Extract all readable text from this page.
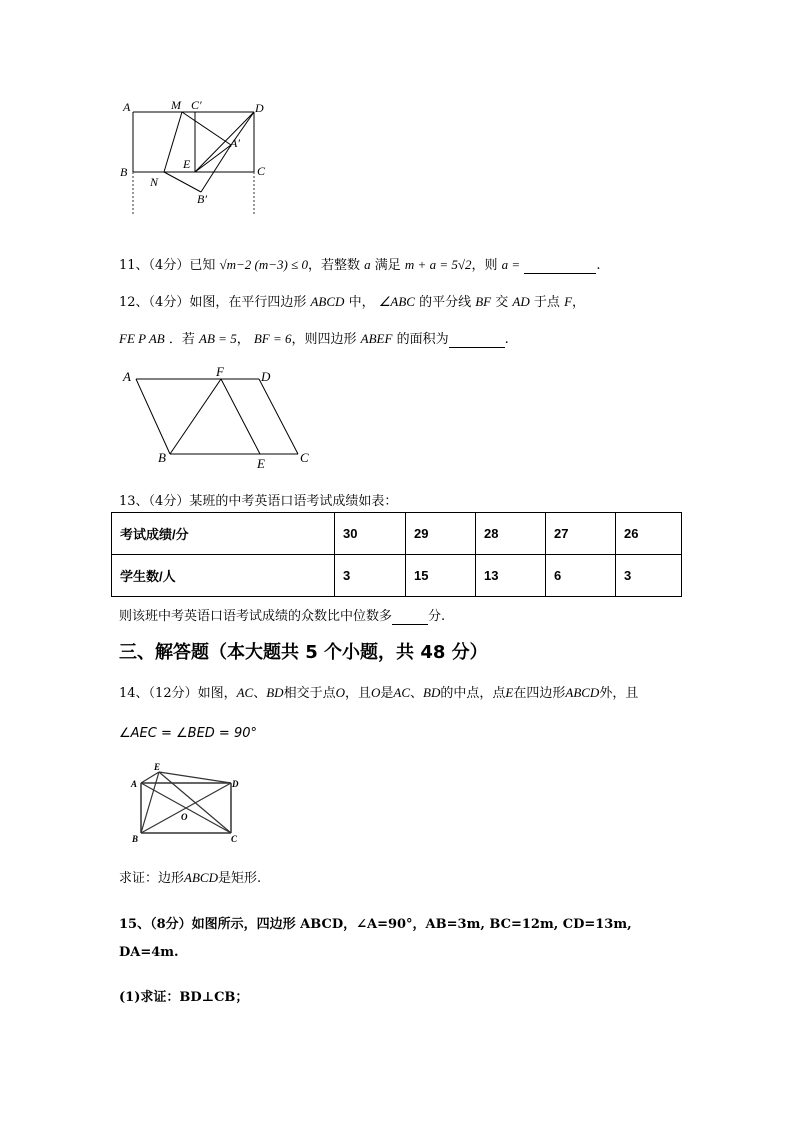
A	M C′	D
A′
E
B
N
C
B′
11、（4分）已知 √m−2 (m−3) ≤ 0，若整数 a 满足 m + a = 5√2，则 a =	.
12、（4分）如图，在平行四边形 ABCD 中， ∠ABC 的平分线 BF 交 AD 于点 F，
FE P AB ．若 AB = 5， BF = 6，则四边形 ABEF 的面积为	.
A	F	D
B	E	C
13、（4分）某班的中考英语口语考试成绩如表：
考试成绩/分	30	29	28	27	26
学生数/人	3	15	13	6	3
则该班中考英语口语考试成绩的众数比中位数多	分.
三、解答题（本大题共 5 个小题，共 48 分）
14、（12分）如图，AC、BD相交于点O，且O是AC、BD的中点，点E在四边形ABCD外，且
∠AEC = ∠BED = 90°
E
A	D
O
B	C
求证：边形ABCD是矩形.
15、（8分）如图所示，四边形 ABCD，∠A=90°，AB=3m, BC=12m, CD=13m,
DA=4m.
(1)求证：BD⊥CB；
